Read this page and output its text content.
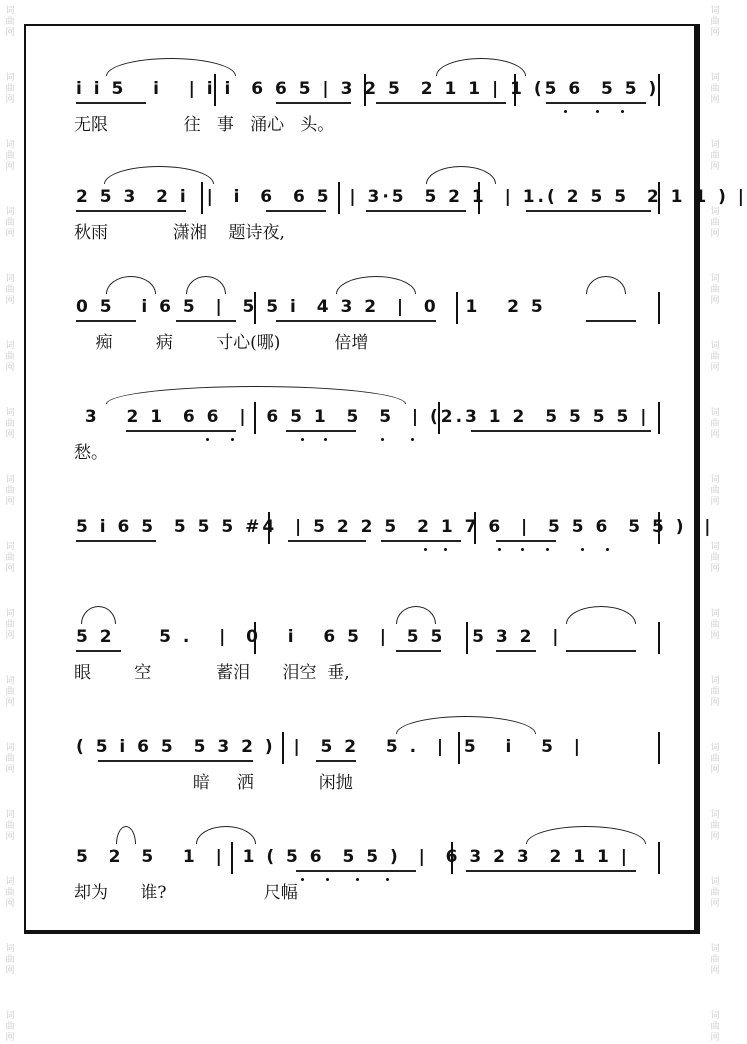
词
曲
网
词
曲
网
词
曲
网
词
曲
网
词
曲
网
词
曲
网
词
曲
网
词
曲
网
词
曲
网
词
曲
网
词
曲
网
词
曲
网
词
曲
网
词
曲
网
词
曲
网
词
曲
网
词
曲
网
词
曲
网
词
曲
网
词
曲
网
词
曲
网
词
曲
网
词
曲
网
词
曲
网
词
曲
网
词
曲
网
词
曲
网
词
曲
网
词
曲
网
词
曲
网
词
曲
网
词
曲
网
i i 5   i   | i i  6 6 5 | 3 2 5  2 1 1 | 1 (5 6  5 5 )
无限              往   事   涌心   头。
2 5 3  2 i  |  i  6  6 5  | 3·5  5 2 1  | 1.( 2 5 5  2 1 1 ) |
秋雨            潇湘    题诗夜,
0 5   i 6 5  |  5 5 i  4 3 2  |  0   1   2 5
痴        病        寸心(哪)          倍增
3   2 1  6 6  |  6 5 1  5  5  | (2.3 1 2  5 5 5 5 |
愁。
5 i 6 5  5 5 5 #4  | 5 2 2 5  2 1 7 6  |  5 5 6  5 5 )  |
5 2     5 .   |  0   i   6 5  |  5 5   5 3 2  |
眼        空            蓄泪      泪空  垂,
( 5 i 6 5  5 3 2 )  |  5 2   5 .  |  5   i   5  |
暗     洒            闲抛
5  2  5   1  |  1 ( 5 6  5 5 )  |  6 3 2 3  2 1 1 |
却为      谁?                  尺幅
